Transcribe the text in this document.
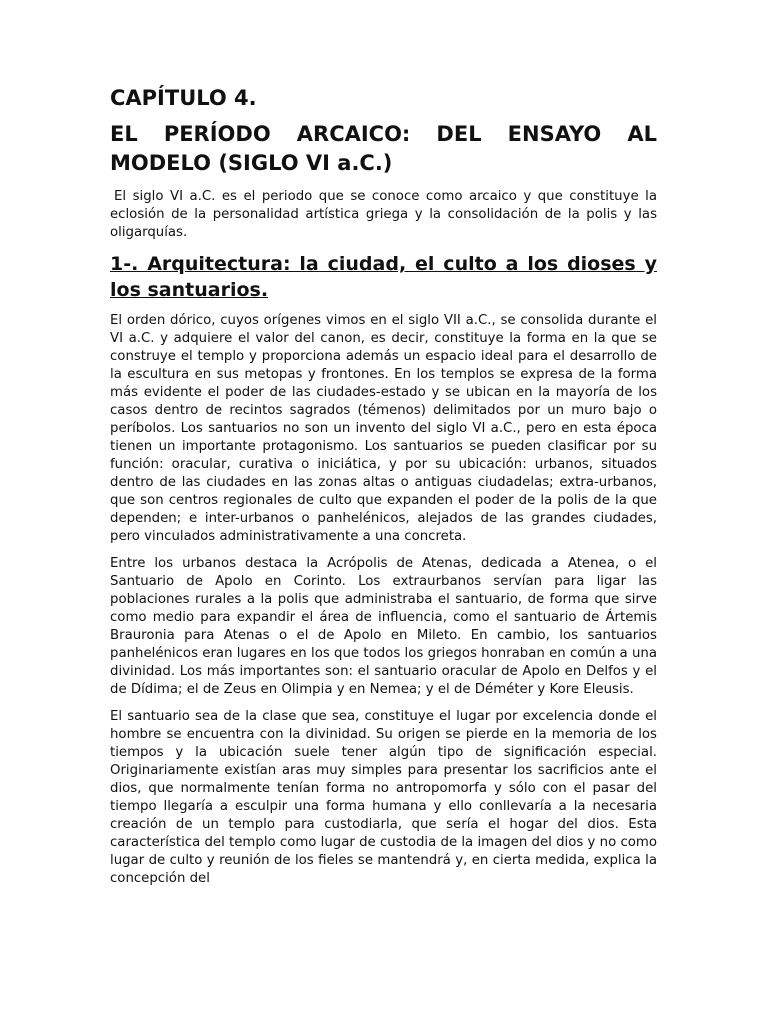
CAPÍTULO 4.
EL PERÍODO ARCAICO: DEL ENSAYO AL MODELO (SIGLO VI a.C.)

El siglo VI a.C. es el periodo que se conoce como arcaico y que constituye la eclosión de la personalidad artística griega y la consolidación de la polis y las oligarquías.

1-. Arquitectura: la ciudad, el culto a los dioses y los santuarios.

El orden dórico, cuyos orígenes vimos en el siglo VII a.C., se consolida durante el VI a.C. y adquiere el valor del canon, es decir, constituye la forma en la que se construye el templo y proporciona además un espacio ideal para el desarrollo de la escultura en sus metopas y frontones. En los templos se expresa de la forma más evidente el poder de las ciudades-estado y se ubican en la mayoría de los casos dentro de recintos sagrados (témenos) delimitados por un muro bajo o períbolos. Los santuarios no son un invento del siglo VI a.C., pero en esta época tienen un importante protagonismo. Los santuarios se pueden clasificar por su función: oracular, curativa o iniciática, y por su ubicación: urbanos, situados dentro de las ciudades en las zonas altas o antiguas ciudadelas; extra-urbanos, que son centros regionales de culto que expanden el poder de la polis de la que dependen; e inter-urbanos o panhelénicos, alejados de las grandes ciudades, pero vinculados administrativamente a una concreta.

Entre los urbanos destaca la Acrópolis de Atenas, dedicada a Atenea, o el Santuario de Apolo en Corinto. Los extraurbanos servían para ligar las poblaciones rurales a la polis que administraba el santuario, de forma que sirve como medio para expandir el área de influencia, como el santuario de Ártemis Brauronia para Atenas o el de Apolo en Mileto. En cambio, los santuarios panhelénicos eran lugares en los que todos los griegos honraban en común a una divinidad. Los más importantes son: el santuario oracular de Apolo en Delfos y el de Dídima; el de Zeus en Olimpia y en Nemea; y el de Déméter y Kore Eleusis.

El santuario sea de la clase que sea, constituye el lugar por excelencia donde el hombre se encuentra con la divinidad. Su origen se pierde en la memoria de los tiempos y la ubicación suele tener algún tipo de significación especial. Originariamente existían aras muy simples para presentar los sacrificios ante el dios, que normalmente tenían forma no antropomorfa y sólo con el pasar del tiempo llegaría a esculpir una forma humana y ello conllevaría a la necesaria creación de un templo para custodiarla, que sería el hogar del dios. Esta característica del templo como lugar de custodia de la imagen del dios y no como lugar de culto y reunión de los fieles se mantendrá y, en cierta medida, explica la concepción del
